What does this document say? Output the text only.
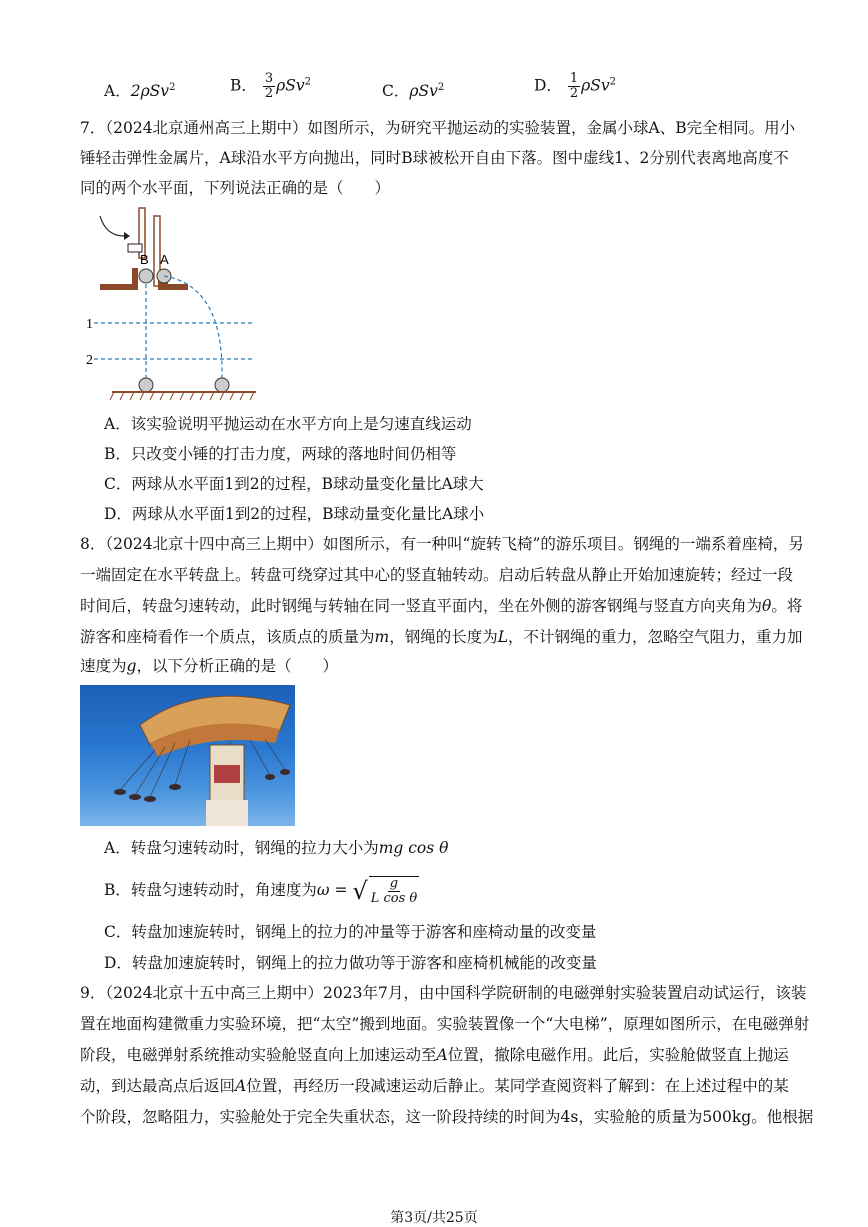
A．2ρSv$^2$	B． $\frac{3}{2} \rho Sv^2$
C．ρSv$^2$	D． $\frac{1}{2} \rho Sv^2$
7．（2024北京通州高三上期中）如图所示，为研究平抛运动的实验装置，金属小球A、B完全相同。用小
锤轻击弹性金属片，A球沿水平方向抛出，同时B球被松开自由下落。图中虚线1、2分别代表离地高度不
同的两个水平面，下列说法正确的是（　　）
B A
1
2
A．该实验说明平抛运动在水平方向上是匀速直线运动
B．只改变小锤的打击力度，两球的落地时间仍相等
C．两球从水平面1到2的过程，B球动量变化量比A球大
D．两球从水平面1到2的过程，B球动量变化量比A球小
8．（2024北京十四中高三上期中）如图所示，有一种叫“旋转飞椅”的游乐项目。钢绳的一端系着座椅，另
一端固定在水平转盘上。转盘可绕穿过其中心的竖直轴转动。启动后转盘从静止开始加速旋转；经过一段
时间后，转盘匀速转动，此时钢绳与转轴在同一竖直平面内，坐在外侧的游客钢绳与竖直方向夹角为θ。将
游客和座椅看作一个质点，该质点的质量为m，钢绳的长度为L，不计钢绳的重力，忽略空气阻力，重力加
速度为g，以下分析正确的是（　　）
A．转盘匀速转动时，钢绳的拉力大小为mg cos θ
B．转盘匀速转动时，角速度为ω = √ $\frac{g}{\text{L cos θ}}$
C．转盘加速旋转时，钢绳上的拉力的冲量等于游客和座椅动量的改变量
D．转盘加速旋转时，钢绳上的拉力做功等于游客和座椅机械能的改变量
9．（2024北京十五中高三上期中）2023年7月，由中国科学院研制的电磁弹射实验装置启动试运行，该装
置在地面构建微重力实验环境，把“太空”搬到地面。实验装置像一个“大电梯”，原理如图所示，在电磁弹射
阶段，电磁弹射系统推动实验舱竖直向上加速运动至A位置，撤除电磁作用。此后，实验舱做竖直上抛运
动，到达最高点后返回A位置，再经历一段减速运动后静止。某同学查阅资料了解到：在上述过程中的某
个阶段，忽略阻力，实验舱处于完全失重状态，这一阶段持续的时间为4s，实验舱的质量为500kg。他根据
第3页/共25页
